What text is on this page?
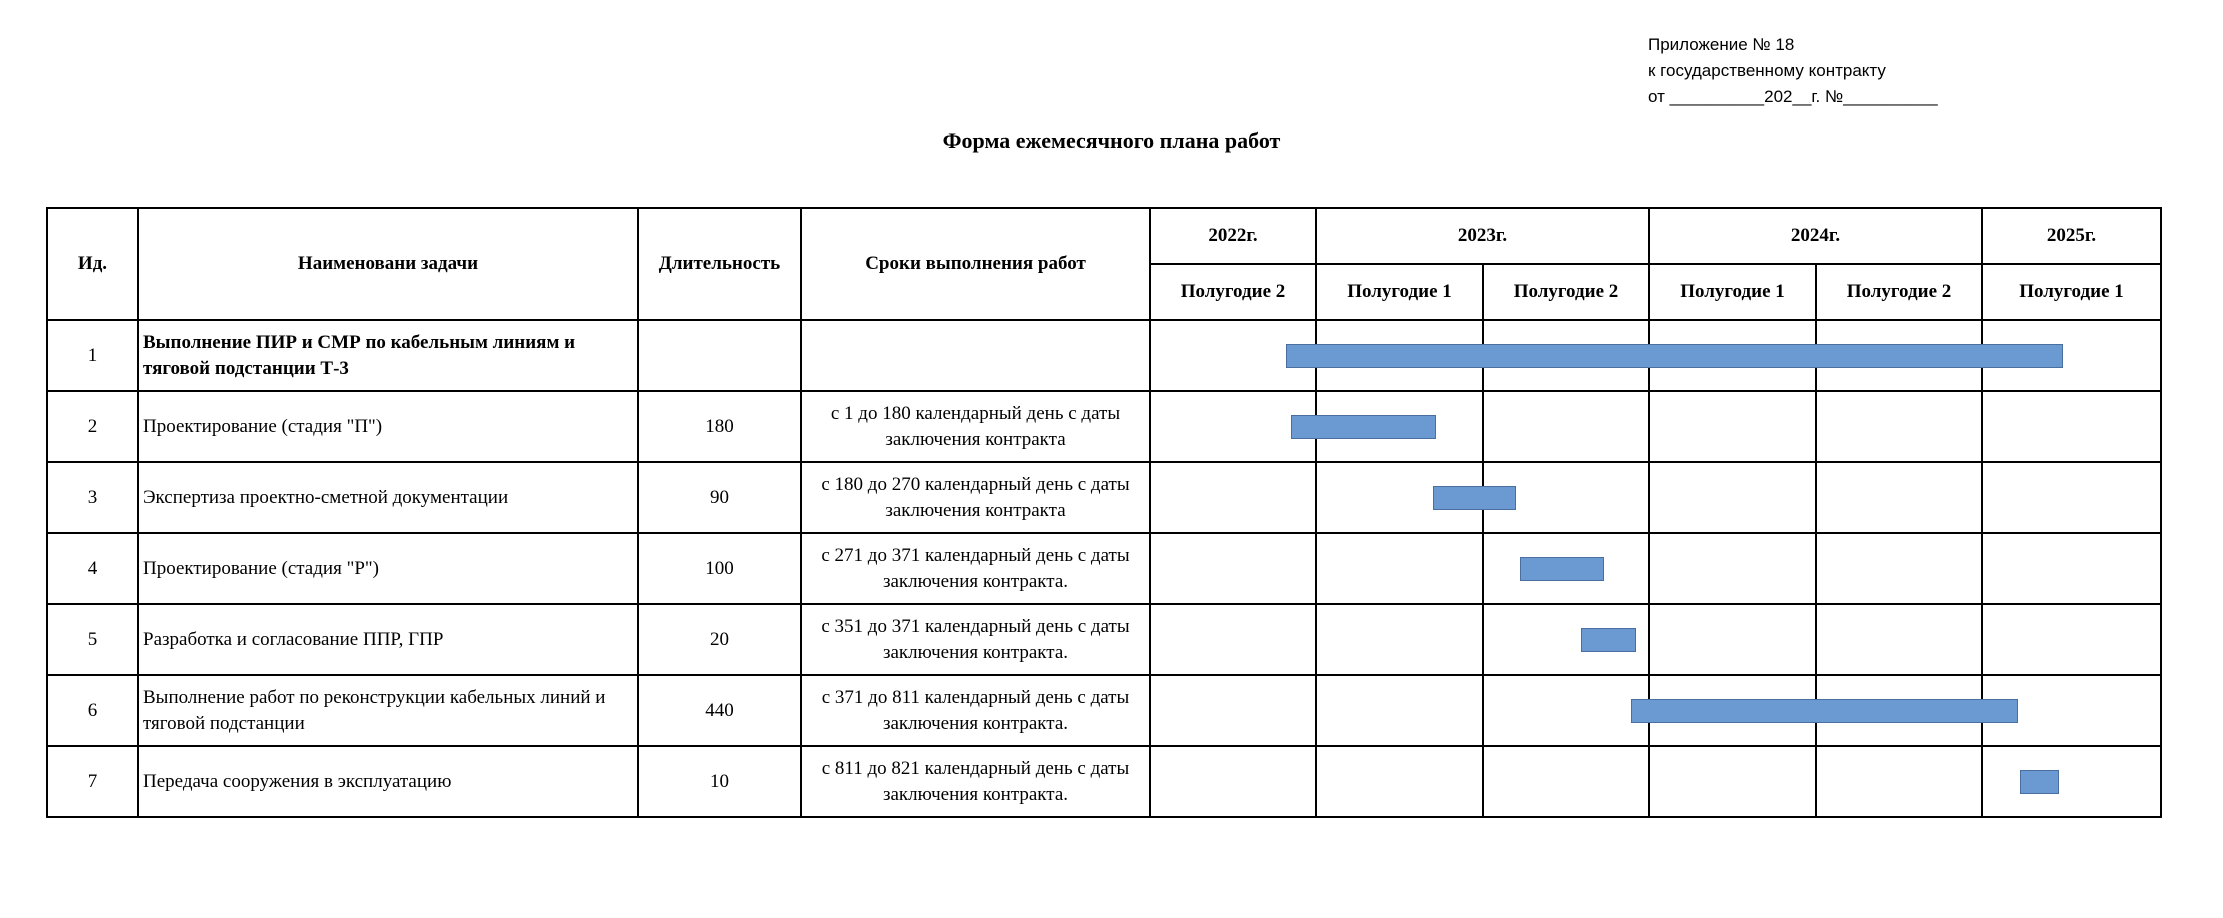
Приложение № 18
к государственному контракту
от __________202__г. №__________
Форма ежемесячного плана работ
Ид.	Наименовани задачи	Длительность	Сроки выполнения работ	2022г.	2023г.		2024г.		2025г.
				Полугодие 2	Полугодие 1	Полугодие 2	Полугодие 1	Полугодие 2	Полугодие 1
1	Выполнение ПИР и СМР по кабельным линиям и тяговой подстанции Т-3								
2	Проектирование (стадия "П")	180	с 1 до 180 календарный день с даты заключения контракта						
3	Экспертиза проектно-сметной документации	90	с 180 до 270 календарный день с даты заключения контракта						
4	Проектирование (стадия "Р")	100	с 271 до 371 календарный день с даты заключения контракта.						
5	Разработка и согласование ППР, ГПР	20	с 351 до 371 календарный день с даты заключения контракта.						
6	Выполнение работ по реконструкции кабельных линий и тяговой подстанции	440	с 371 до 811 календарный день с даты заключения контракта.						
7	Передача сооружения в эксплуатацию	10	с 811 до 821 календарный день с даты заключения контракта.						
